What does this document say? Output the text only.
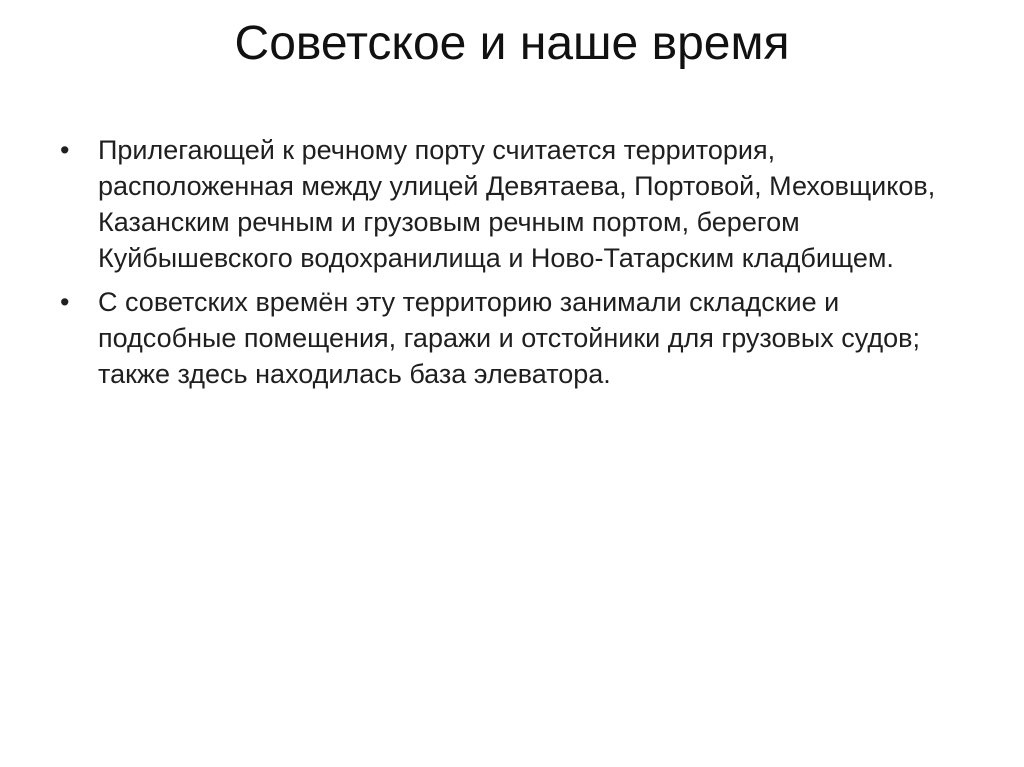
Советское и наше время
•	Прилегающей к речному порту считается территория, расположенная между улицей Девятаева, Портовой, Меховщиков, Казанским речным и грузовым речным портом, берегом Куйбышевского водохранилища и Ново-Татарским кладбищем.
•	С советских времён эту территорию занимали складские и подсобные помещения, гаражи и отстойники для грузовых судов; также здесь находилась база элеватора.
